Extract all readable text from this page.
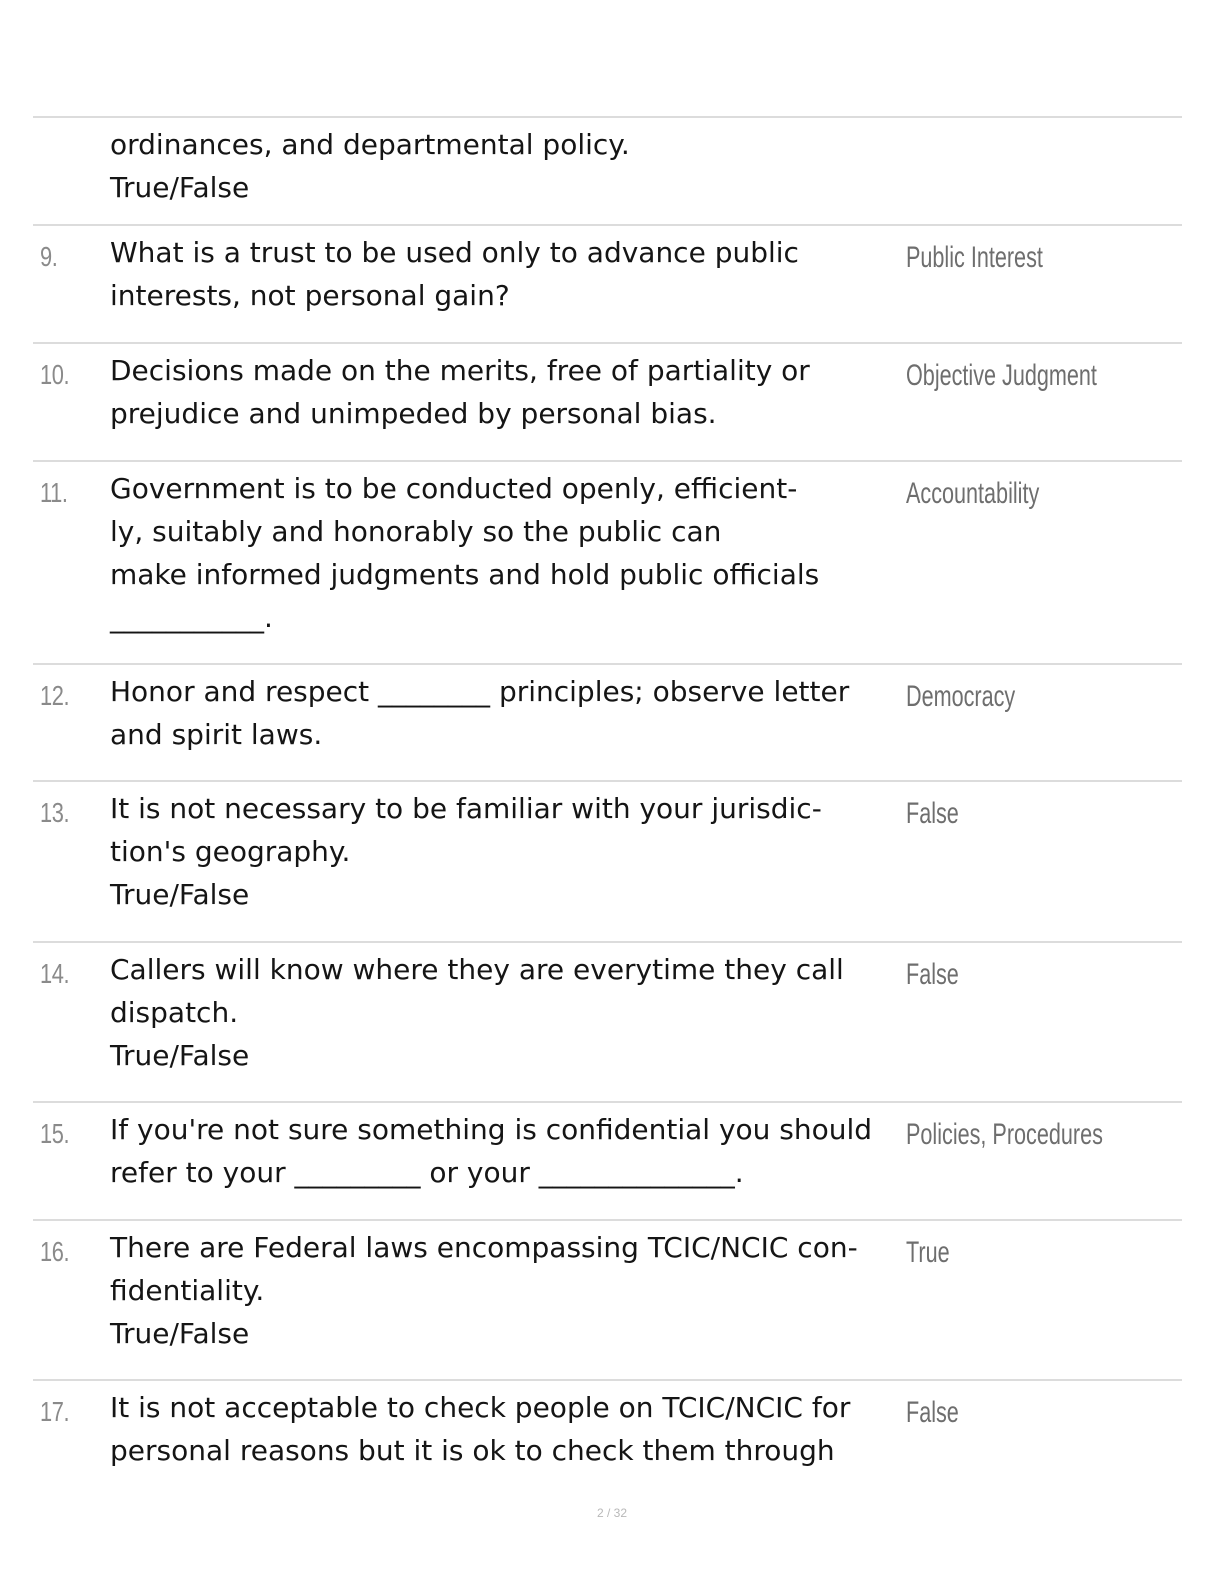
ordinances, and departmental policy.
True/False
9. What is a trust to be used only to advance public
interests, not personal gain?
Public Interest
10. Decisions made on the merits, free of partiality or
prejudice and unimpeded by personal bias.
Objective Judgment
11. Government is to be conducted openly, efficient-
ly, suitably and honorably so the public can
make informed judgments and hold public officials
___________.
Accountability
12. Honor and respect ________ principles; observe letter
and spirit laws.
Democracy
13. It is not necessary to be familiar with your jurisdic-
tion's geography.
True/False
False
14. Callers will know where they are everytime they call
dispatch.
True/False
False
15. If you're not sure something is confidential you should
refer to your _________ or your ______________.
Policies, Procedures
16. There are Federal laws encompassing TCIC/NCIC con-
fidentiality.
True/False
True
17. It is not acceptable to check people on TCIC/NCIC for
personal reasons but it is ok to check them through
False
2 / 32
